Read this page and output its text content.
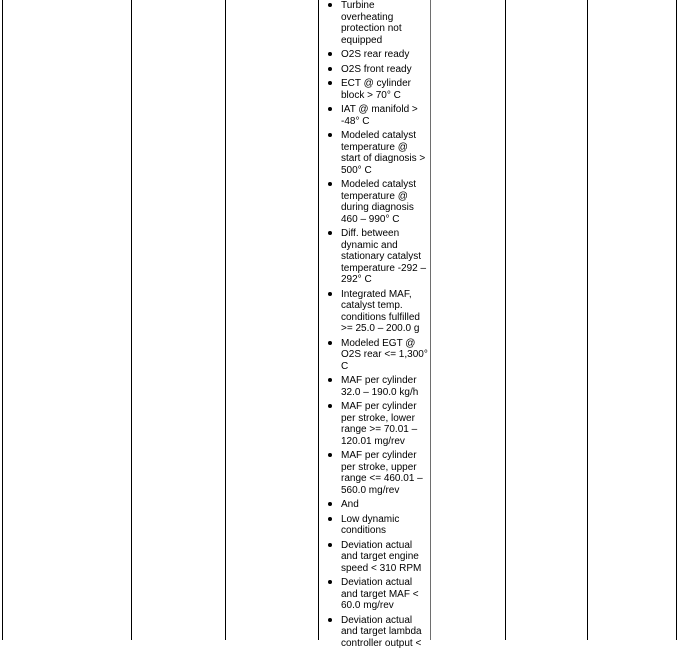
Turbine overheating protection not equipped
O2S rear ready
O2S front ready
ECT @ cylinder block > 70° C
IAT @ manifold > -48° C
Modeled catalyst temperature @ start of diagnosis > 500° C
Modeled catalyst temperature @ during diagnosis 460 – 990° C
Diff. between dynamic and stationary catalyst temperature -292 – 292° C
Integrated MAF, catalyst temp. conditions fulfilled >= 25.0 – 200.0 g
Modeled EGT @ O2S rear <= 1,300° C
MAF per cylinder 32.0 – 190.0 kg/h
MAF per cylinder per stroke, lower range >= 70.01 – 120.01 mg/rev
MAF per cylinder per stroke, upper range <= 460.01 – 560.0 mg/rev
And
Low dynamic conditions
Deviation actual and target engine speed < 310 RPM
Deviation actual and target MAF < 60.0 mg/rev
Deviation actual and target lambda controller output <
